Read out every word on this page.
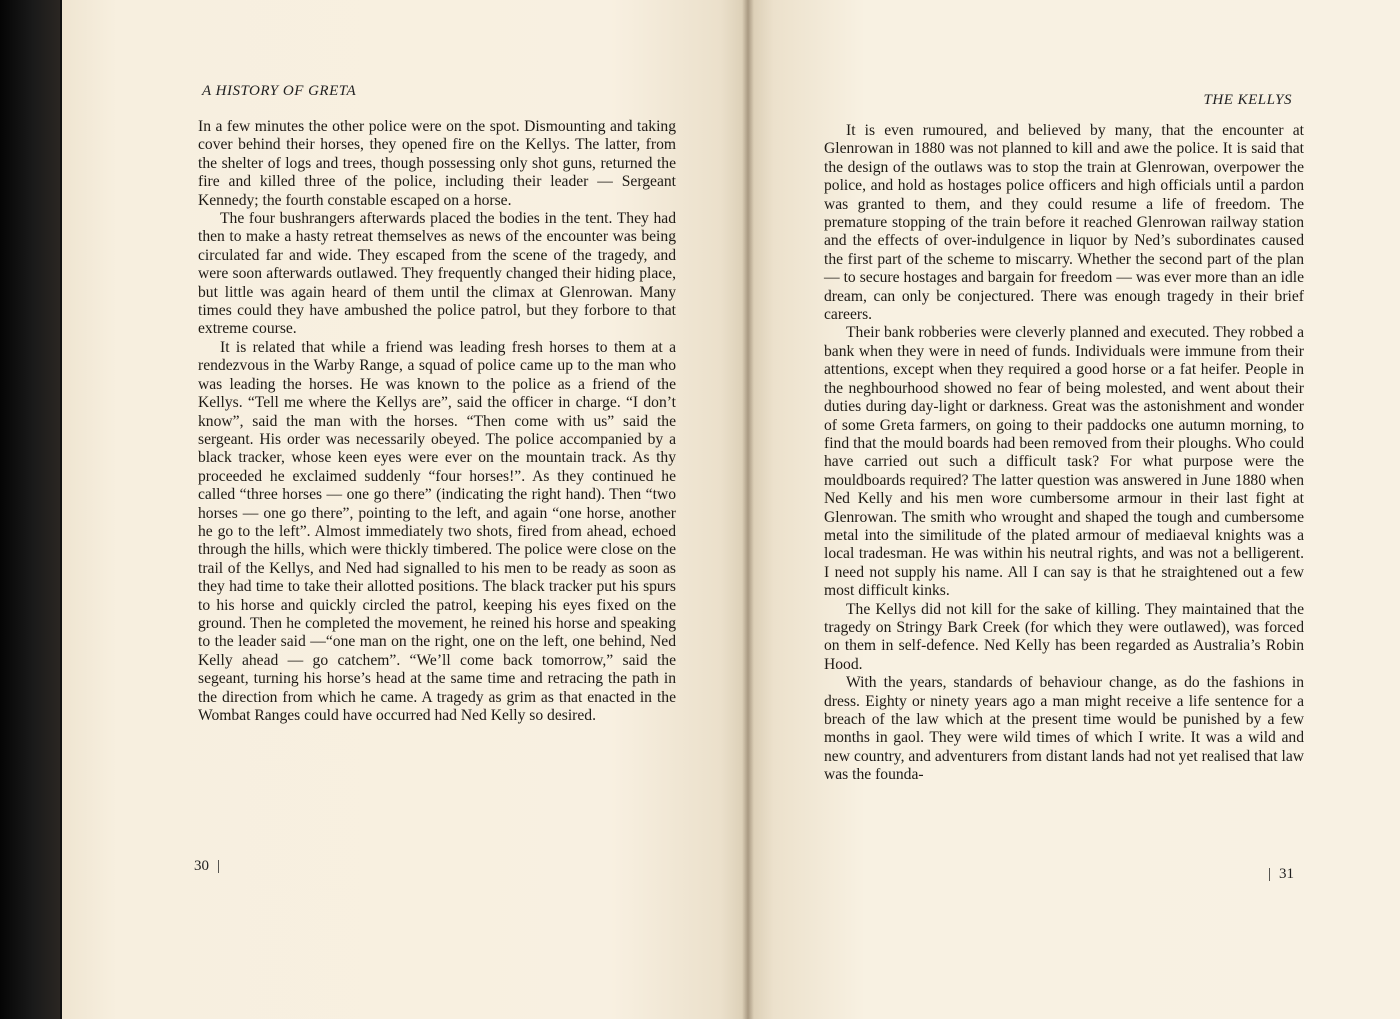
A HISTORY OF GRETA

In a few minutes the other police were on the spot. Dismounting and taking cover behind their horses, they opened fire on the Kellys. The latter, from the shelter of logs and trees, though possessing only shot guns, returned the fire and killed three of the police, including their leader — Sergeant Kennedy; the fourth constable escaped on a horse.

The four bushrangers afterwards placed the bodies in the tent. They had then to make a hasty retreat themselves as news of the encounter was being circulated far and wide. They escaped from the scene of the tragedy, and were soon afterwards outlawed. They frequently changed their hiding place, but little was again heard of them until the climax at Glenrowan. Many times could they have ambushed the police patrol, but they forbore to that extreme course.

It is related that while a friend was leading fresh horses to them at a rendezvous in the Warby Range, a squad of police came up to the man who was leading the horses. He was known to the police as a friend of the Kellys. “Tell me where the Kellys are”, said the officer in charge. “I don’t know”, said the man with the horses. “Then come with us” said the sergeant. His order was necessarily obeyed. The police accompanied by a black tracker, whose keen eyes were ever on the mountain track. As thy proceeded he exclaimed suddenly “four horses!”. As they continued he called “three horses — one go there” (indicating the right hand). Then “two horses — one go there”, pointing to the left, and again “one horse, another he go to the left”. Almost immediately two shots, fired from ahead, echoed through the hills, which were thickly timbered. The police were close on the trail of the Kellys, and Ned had signalled to his men to be ready as soon as they had time to take their allotted positions. The black tracker put his spurs to his horse and quickly circled the patrol, keeping his eyes fixed on the ground. Then he completed the movement, he reined his horse and speaking to the leader said —“one man on the right, one on the left, one behind, Ned Kelly ahead — go catchem”. “We’ll come back tomorrow,” said the segeant, turning his horse’s head at the same time and retracing the path in the direction from which he came. A tragedy as grim as that enacted in the Wombat Ranges could have occurred had Ned Kelly so desired.

30 |
THE KELLYS

It is even rumoured, and believed by many, that the encounter at Glenrowan in 1880 was not planned to kill and awe the police. It is said that the design of the outlaws was to stop the train at Glenrowan, overpower the police, and hold as hostages police officers and high officials until a pardon was granted to them, and they could resume a life of freedom. The premature stopping of the train before it reached Glenrowan railway station and the effects of over-indulgence in liquor by Ned’s subordinates caused the first part of the scheme to miscarry. Whether the second part of the plan — to secure hostages and bargain for freedom — was ever more than an idle dream, can only be conjectured. There was enough tragedy in their brief careers.

Their bank robberies were cleverly planned and executed. They robbed a bank when they were in need of funds. Individuals were immune from their attentions, except when they required a good horse or a fat heifer. People in the neghbourhood showed no fear of being molested, and went about their duties during day-light or darkness. Great was the astonishment and wonder of some Greta farmers, on going to their paddocks one autumn morning, to find that the mould boards had been removed from their ploughs. Who could have carried out such a difficult task? For what purpose were the mouldboards required? The latter question was answered in June 1880 when Ned Kelly and his men wore cumbersome armour in their last fight at Glenrowan. The smith who wrought and shaped the tough and cumbersome metal into the similitude of the plated armour of mediaeval knights was a local tradesman. He was within his neutral rights, and was not a belligerent. I need not supply his name. All I can say is that he straightened out a few most difficult kinks.

The Kellys did not kill for the sake of killing. They maintained that the tragedy on Stringy Bark Creek (for which they were outlawed), was forced on them in self-defence. Ned Kelly has been regarded as Australia’s Robin Hood.

With the years, standards of behaviour change, as do the fashions in dress. Eighty or ninety years ago a man might receive a life sentence for a breach of the law which at the present time would be punished by a few months in gaol. They were wild times of which I write. It was a wild and new country, and adventurers from distant lands had not yet realised that law was the founda-

| 31
